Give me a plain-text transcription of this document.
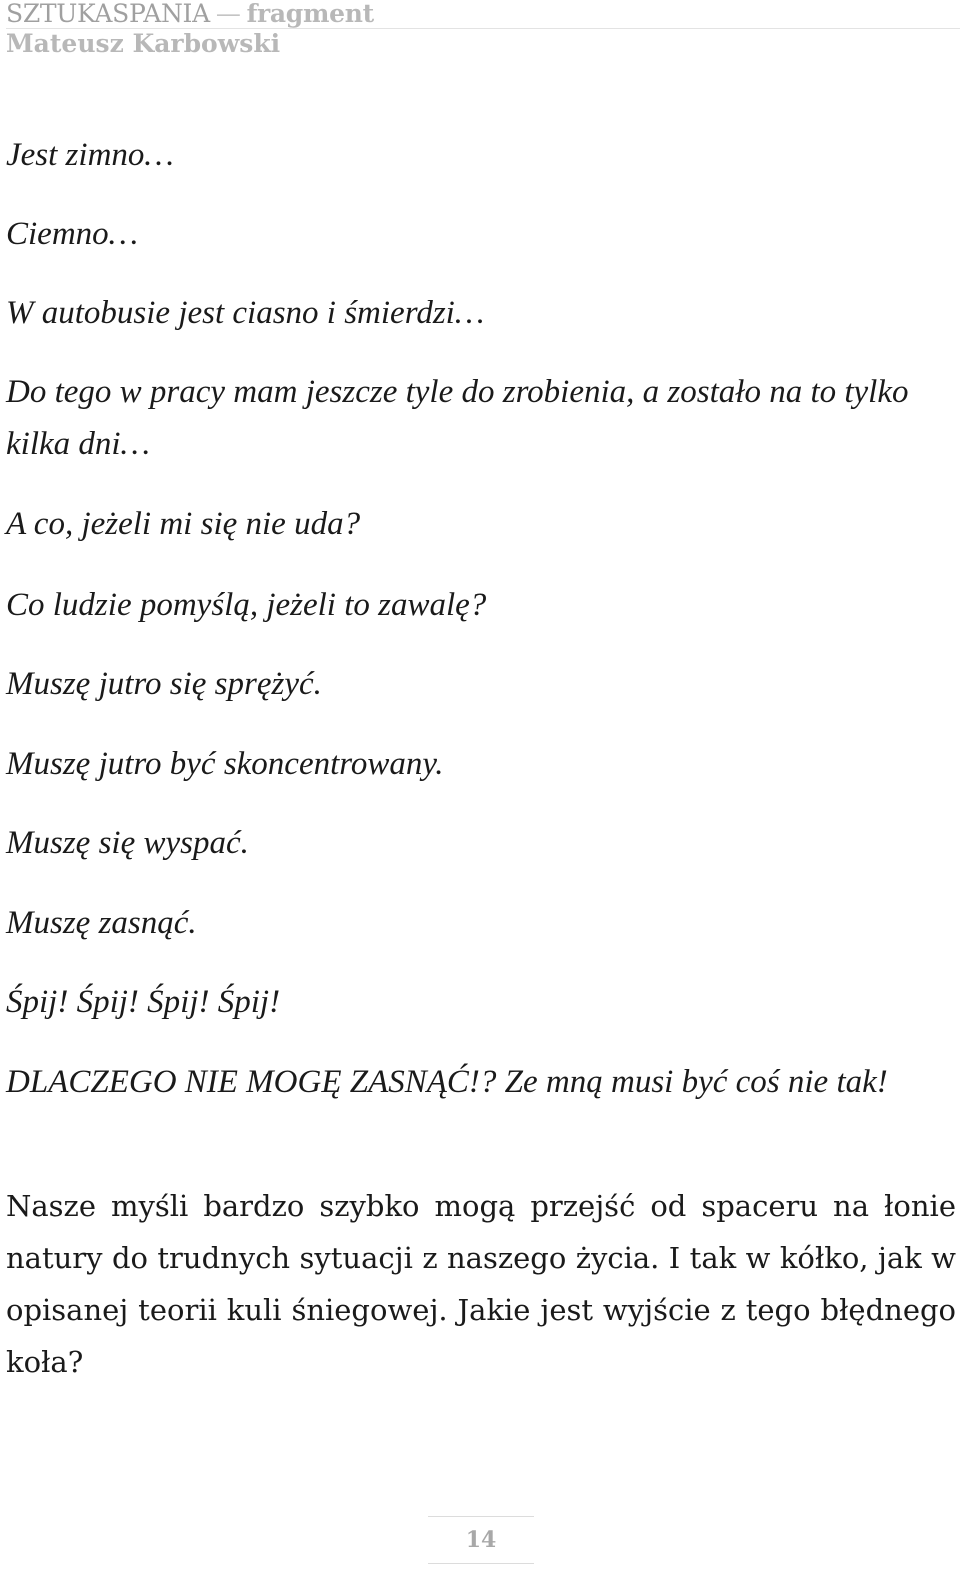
SZTUKASPANIA — fragment
Mateusz Karbowski

Jest zimno…

Ciemno…

W autobusie jest ciasno i śmierdzi…

Do tego w pracy mam jeszcze tyle do zrobienia, a zostało na to tylko kilka dni…

A co, jeżeli mi się nie uda?

Co ludzie pomyślą, jeżeli to zawalę?

Muszę jutro się sprężyć.

Muszę jutro być skoncentrowany.

Muszę się wyspać.

Muszę zasnąć.

Śpij! Śpij! Śpij! Śpij!

DLACZEGO NIE MOGĘ ZASNĄĆ!? Ze mną musi być coś nie tak!

Nasze myśli bardzo szybko mogą przejść od spaceru na łonie natury do trudnych sytuacji z naszego życia. I tak w kółko, jak w opisanej teorii kuli śniegowej. Jakie jest wyjście z tego błędnego koła?

14
